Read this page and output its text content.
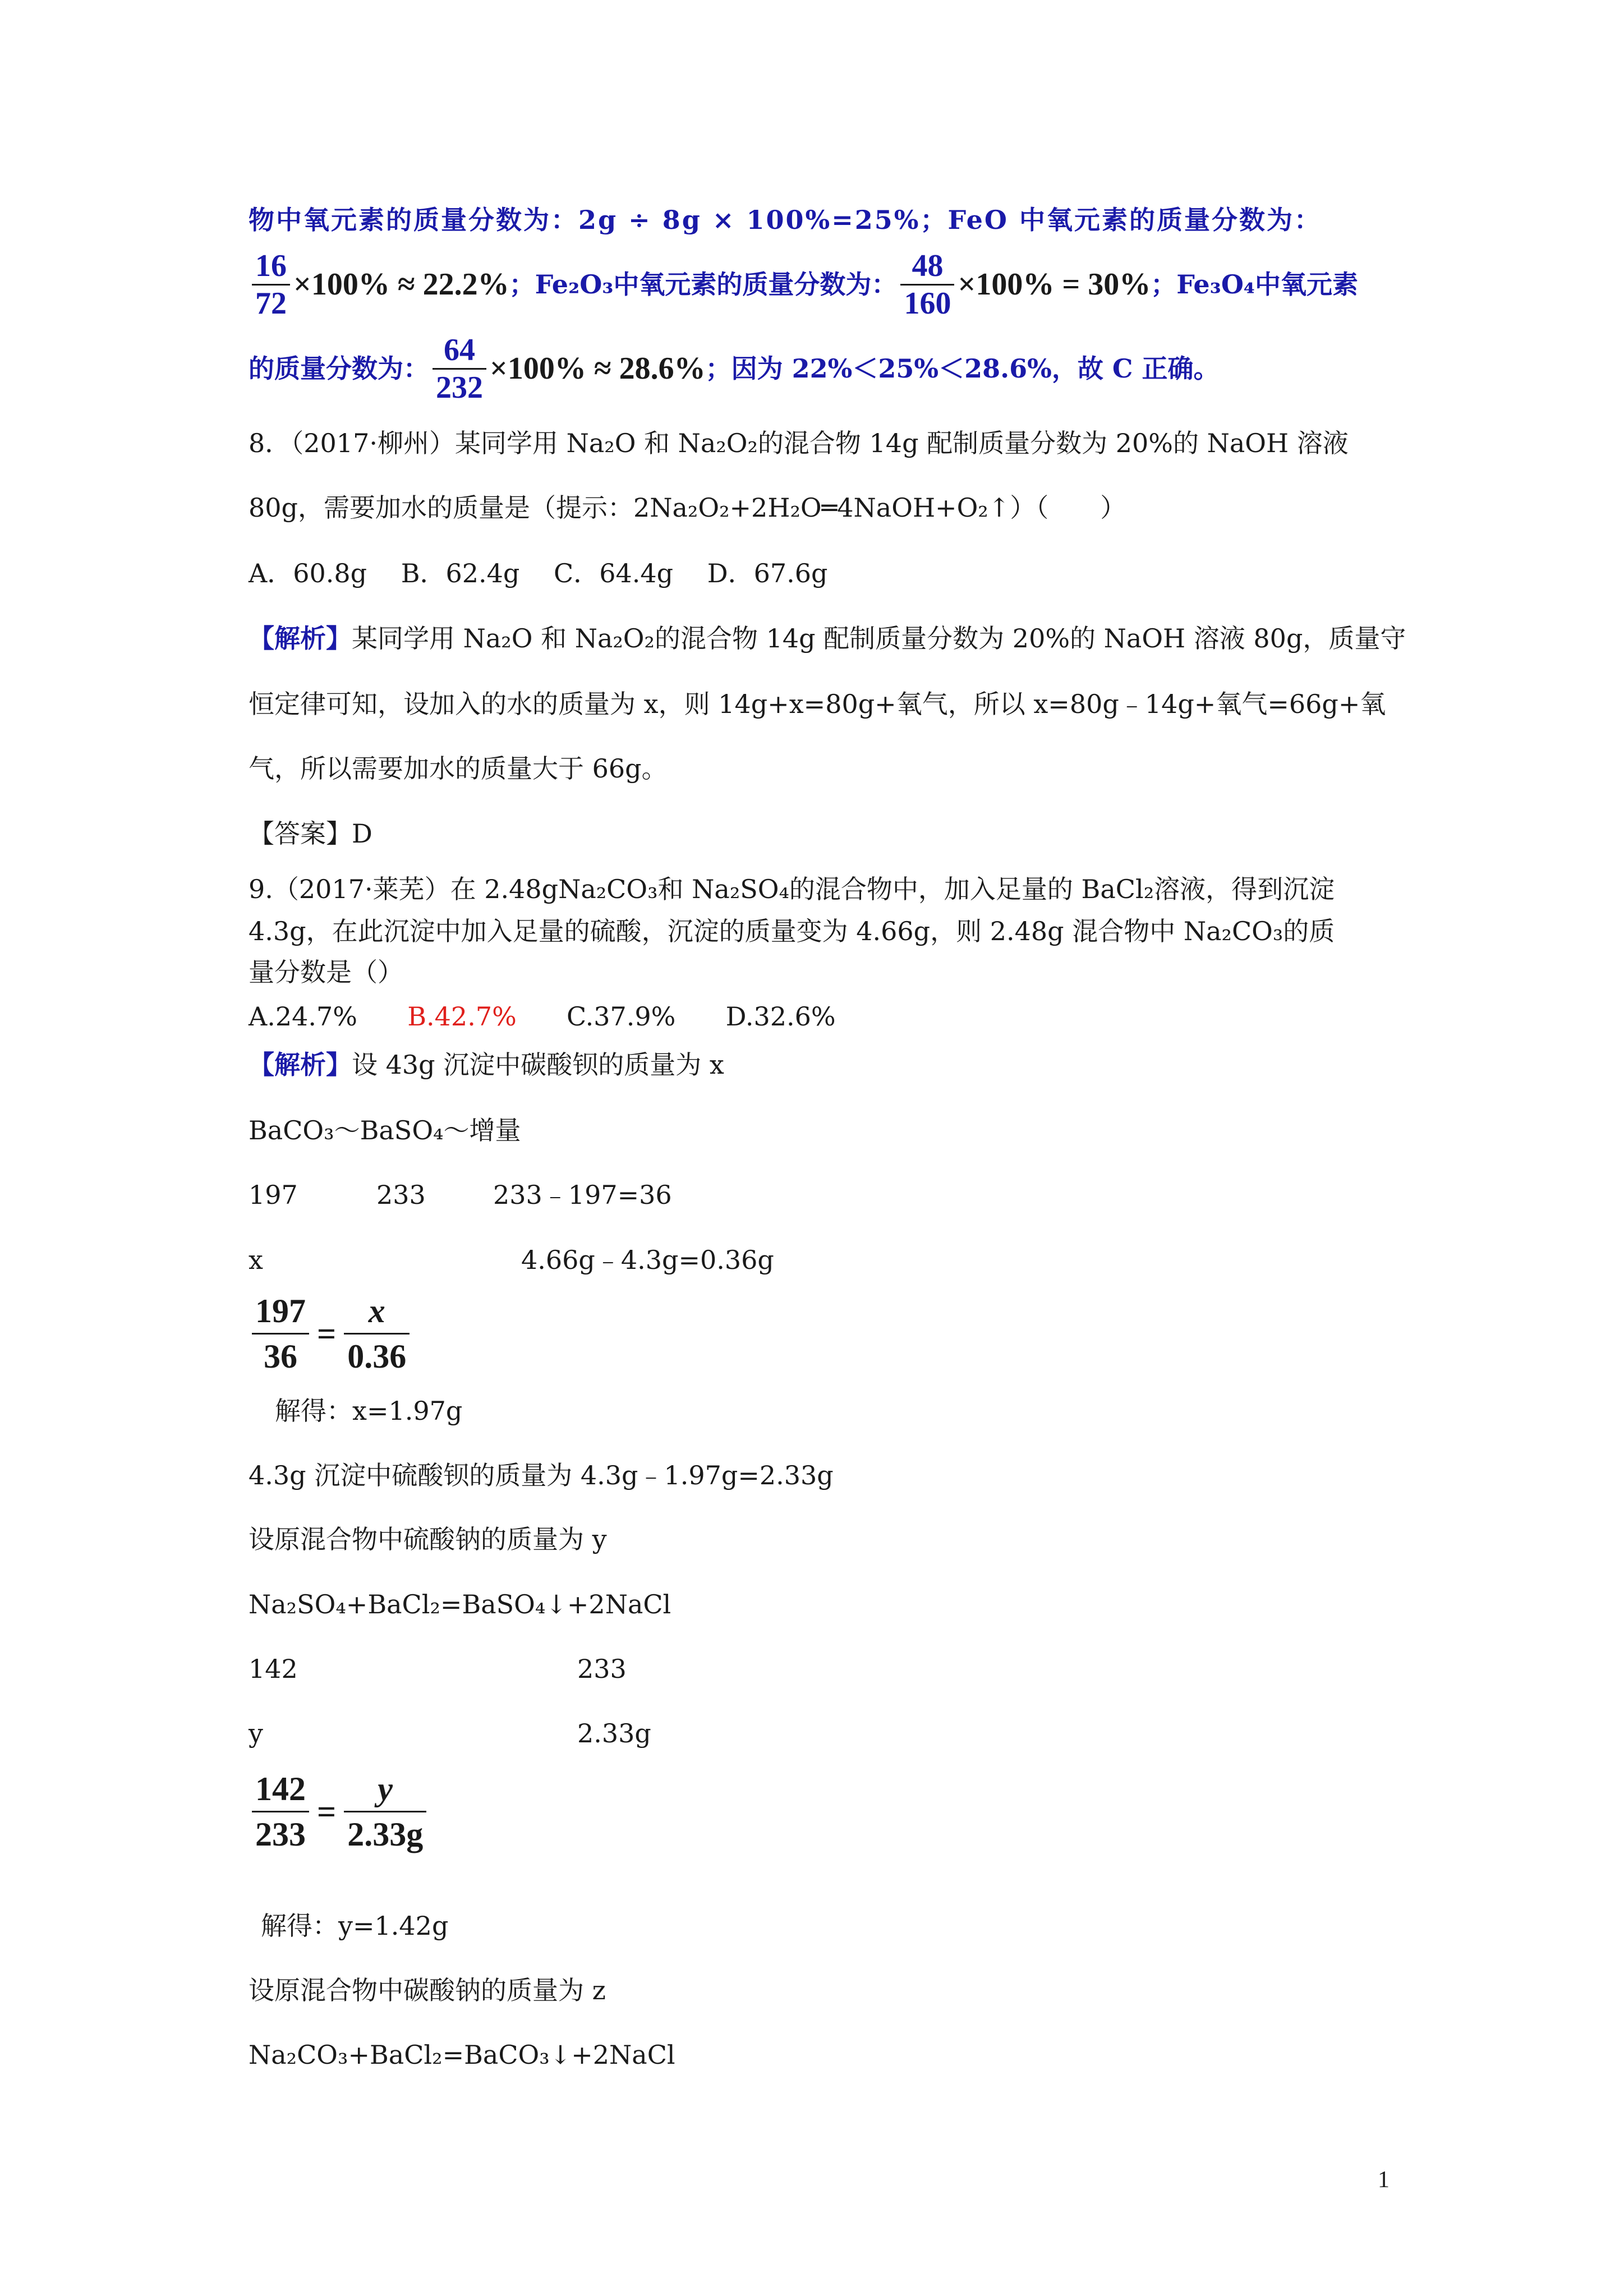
物中氧元素的质量分数为：2g ÷ 8g × 100%=25%；FeO 中氧元素的质量分数为：
$\frac{16}{72} \times 100\% \approx 22.2\%$ ；Fe₂O₃中氧元素的质量分数为： $\frac{48}{160} \times 100\% = 30\%$ ；Fe₃O₄中氧元素
的质量分数为： $\frac{64}{232} \times 100\% \approx 28.6\%$ ；因为 22%＜25%＜28.6%，故 C 正确。
8．（2017·柳州）某同学用 Na₂O 和 Na₂O₂的混合物 14g 配制质量分数为 20%的 NaOH 溶液
80g，需要加水的质量是（提示：2Na₂O₂+2H₂O═4NaOH+O₂↑）（　　）
A．60.8g　 B．62.4g　 C．64.4g　 D．67.6g
【解析】某同学用 Na₂O 和 Na₂O₂的混合物 14g 配制质量分数为 20%的 NaOH 溶液 80g，质量守
恒定律可知，设加入的水的质量为 x，则 14g+x=80g+氧气，所以 x=80g﹣14g+氧气=66g+氧
气，所以需要加水的质量大于 66g。
【答案】D
9.（2017·莱芜）在 2.48gNa₂CO₃和 Na₂SO₄的混合物中，加入足量的 BaCl₂溶液，得到沉淀
4.3g，在此沉淀中加入足量的硫酸，沉淀的质量变为 4.66g，则 2.48g 混合物中 Na₂CO₃的质
量分数是（）
A.24.7% B.42.7% C.37.9% D.32.6%
【解析】设 43g 沉淀中碳酸钡的质量为 x
BaCO₃～BaSO₄～增量
197	233	233﹣197=36
x	4.66g﹣4.3g=0.36g
$\frac{197}{36} = \frac{x}{0.36}$
解得：x=1.97g
4.3g 沉淀中硫酸钡的质量为 4.3g﹣1.97g=2.33g
设原混合物中硫酸钠的质量为 y
Na₂SO₄+BaCl₂=BaSO₄↓+2NaCl
142	233
y	2.33g
$\frac{142}{233} = \frac{y}{2.33g}$
解得：y=1.42g
设原混合物中碳酸钠的质量为 z
Na₂CO₃+BaCl₂=BaCO₃↓+2NaCl
1
